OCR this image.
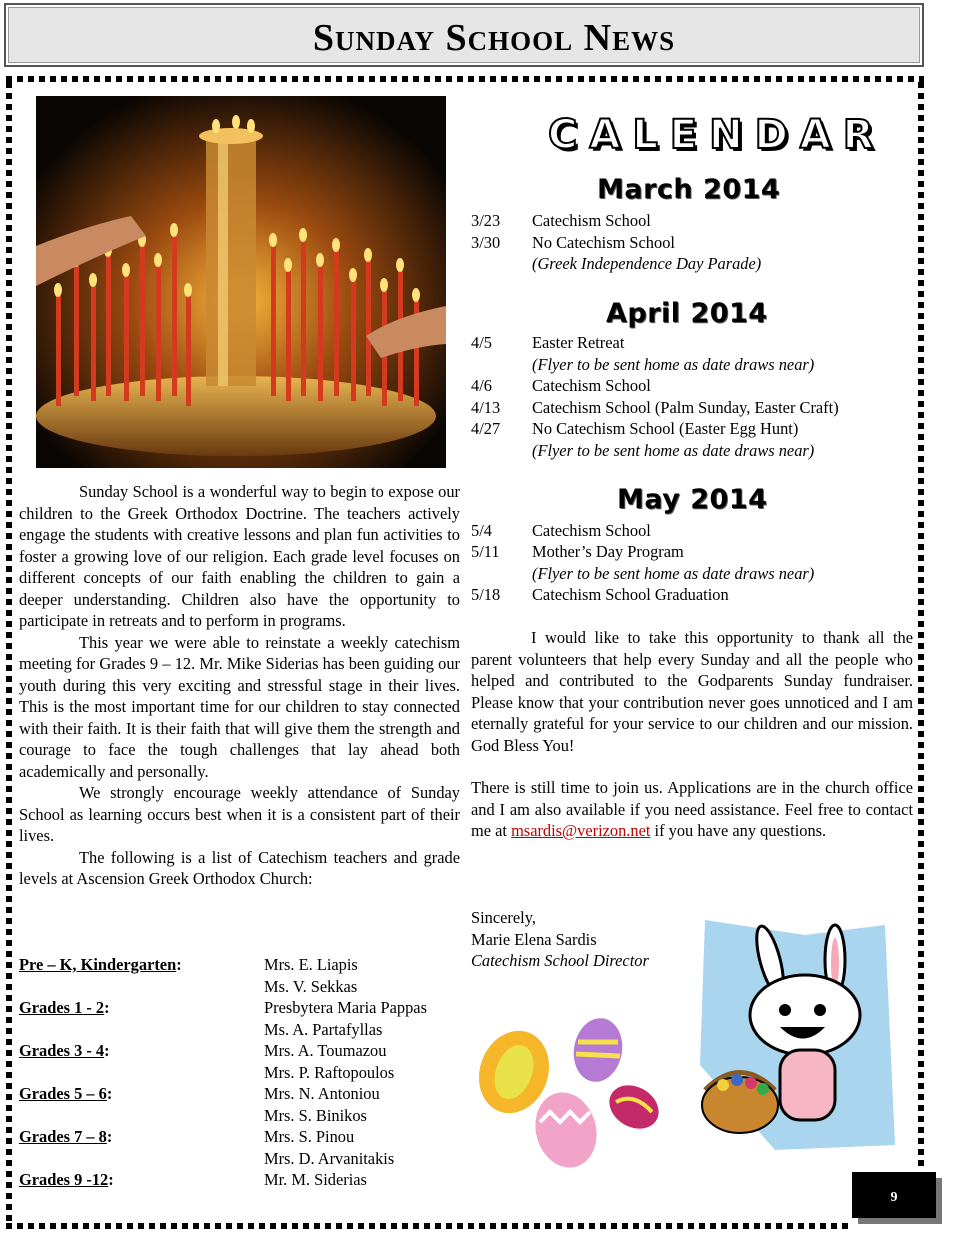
Sunday School News

Sunday School is a wonderful way to begin to expose our children to the Greek Orthodox Doctrine. The teachers actively engage the students with creative lessons and plan fun activities to foster a growing love of our religion. Each grade level focuses on different concepts of our faith enabling the children to gain a deeper understanding. Children also have the opportunity to participate in retreats and to perform in programs.

This year we were able to reinstate a weekly catechism meeting for Grades 9 – 12. Mr. Mike Siderias has been guiding our youth during this very exciting and stressful stage in their lives. This is the most important time for our children to stay connected with their faith. It is their faith that will give them the strength and courage to face the tough challenges that lay ahead both academically and personally.

We strongly encourage weekly attendance of Sunday School as learning occurs best when it is a consistent part of their lives.

The following is a list of Catechism teachers and grade levels at Ascension Greek Orthodox Church:

Pre – K, Kindergarten:	Mrs. E. Liapis
Ms. V. Sekkas
Grades 1 - 2:	Presbytera Maria Pappas
Ms. A. Partafyllas
Grades 3 - 4:	Mrs. A. Toumazou
Mrs. P. Raftopoulos
Grades 5 – 6:	Mrs. N. Antoniou
Mrs. S. Binikos
Grades 7 – 8:	Mrs. S. Pinou
Mrs. D. Arvanitakis
Grades 9 -12:	Mr. M. Siderias
CALENDAR
March 2014
3/23	Catechism School
3/30	No Catechism School
(Greek Independence Day Parade)
April 2014
4/5	Easter Retreat
(Flyer to be sent home as date draws near)
4/6	Catechism School
4/13	Catechism School (Palm Sunday, Easter Craft)
4/27	No Catechism School (Easter Egg Hunt)
(Flyer to be sent home as date draws near)
May 2014
5/4	Catechism School
5/11	Mother’s Day Program
(Flyer to be sent home as date draws near)
5/18	Catechism School Graduation

I would like to take this opportunity to thank all the parent volunteers that help every Sunday and all the people who helped and contributed to the Godparents Sunday fundraiser. Please know that your contribution never goes unnoticed and I am eternally grateful for your service to our children and our mission. God Bless You!

There is still time to join us. Applications are in the church office and I am also available if you need assistance. Feel free to contact me at msardis@verizon.net if you have any questions.

Sincerely,
Marie Elena Sardis
Catechism School Director
9
